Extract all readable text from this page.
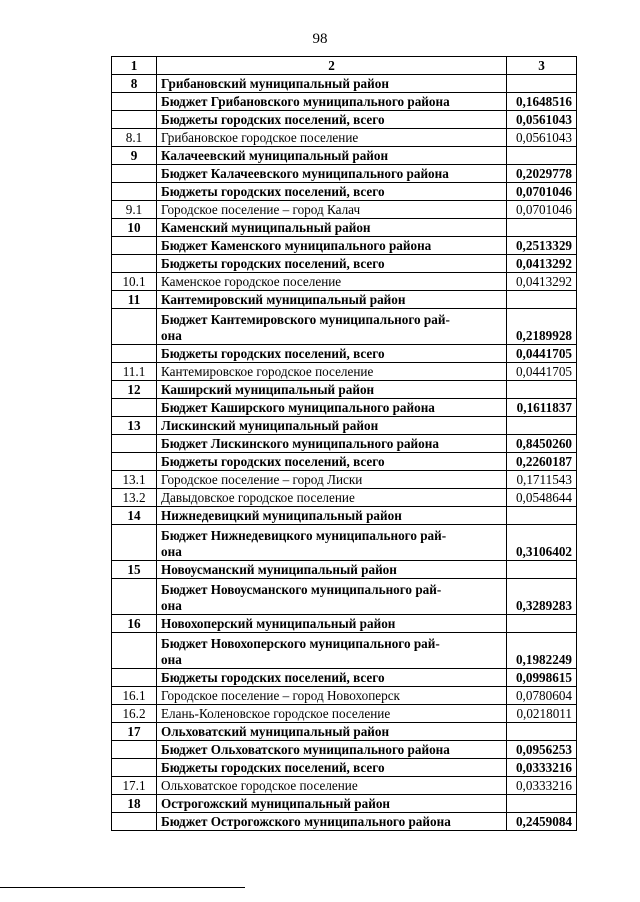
98
1	2	3
8	Грибановский муниципальный район	
	Бюджет Грибановского муниципального района	0,1648516
	Бюджеты городских поселений, всего	0,0561043
8.1	Грибановское городское поселение	0,0561043
9	Калачеевский муниципальный район	
	Бюджет Калачеевского муниципального района	0,2029778
	Бюджеты городских поселений, всего	0,0701046
9.1	Городское поселение – город Калач	0,0701046
10	Каменский муниципальный район	
	Бюджет Каменского муниципального района	0,2513329
	Бюджеты городских поселений, всего	0,0413292
10.1	Каменское городское поселение	0,0413292
11	Кантемировский муниципальный район	
	Бюджет Кантемировского муниципального рай-
она	0,2189928
	Бюджеты городских поселений, всего	0,0441705
11.1	Кантемировское городское поселение	0,0441705
12	Каширский муниципальный район	
	Бюджет Каширского муниципального района	0,1611837
13	Лискинский муниципальный район	
	Бюджет Лискинского муниципального района	0,8450260
	Бюджеты городских поселений, всего	0,2260187
13.1	Городское поселение – город Лиски	0,1711543
13.2	Давыдовское городское поселение	0,0548644
14	Нижнедевицкий муниципальный район	
	Бюджет Нижнедевицкого муниципального рай-
она	0,3106402
15	Новоусманский муниципальный район	
	Бюджет Новоусманского муниципального рай-
она	0,3289283
16	Новохоперский муниципальный район	
	Бюджет Новохоперского муниципального рай-
она	0,1982249
	Бюджеты городских поселений, всего	0,0998615
16.1	Городское поселение – город Новохоперск	0,0780604
16.2	Елань-Коленовское городское поселение	0,0218011
17	Ольховатский муниципальный район	
	Бюджет Ольховатского муниципального района	0,0956253
	Бюджеты городских поселений, всего	0,0333216
17.1	Ольховатское городское поселение	0,0333216
18	Острогожский муниципальный район	
	Бюджет Острогожского муниципального района	0,2459084
